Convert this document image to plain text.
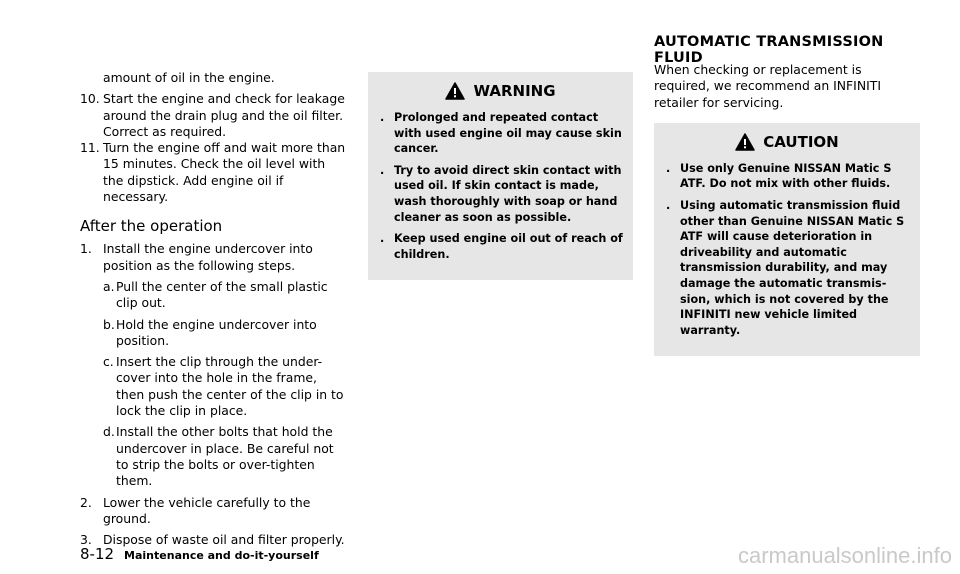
AUTOMATIC TRANSMISSION FLUID

amount of oil in the engine.

10. Start the engine and check for leakage
around the drain plug and the oil filter. Correct as required.
11. Turn the engine off and wait more than
15 minutes. Check the oil level with the dipstick. Add engine oil if necessary.
After the operation
1. Install the engine undercover into
position as the following steps.
a. Pull the center of the small plastic
clip out.
b. Hold the engine undercover into
position.
c. Insert the clip through the under-
cover into the hole in the frame, then push the center of the clip in to lock the clip in place.
d. Install the other bolts that hold the
undercover in place. Be careful not to strip the bolts or over-tighten them.
2. Lower the vehicle carefully to the
ground.
3. Dispose of waste oil and filter properly.
WARNING
. Prolonged and repeated contact with used engine oil may cause skin cancer.
. Try to avoid direct skin contact with used oil. If skin contact is made, wash thoroughly with soap or hand cleaner as soon as possible.
. Keep used engine oil out of reach of children.

When checking or replacement is required, we recommend an INFINITI retailer for servicing.

CAUTION
. Use only Genuine NISSAN Matic S ATF. Do not mix with other fluids.
. Using automatic transmission fluid other than Genuine NISSAN Matic S ATF will cause deterioration in driveability and automatic transmission durability, and may damage the automatic transmis-sion, which is not covered by the INFINITI new vehicle limited warranty.
8-12 Maintenance and do-it-yourself	carmanualsonline.info
